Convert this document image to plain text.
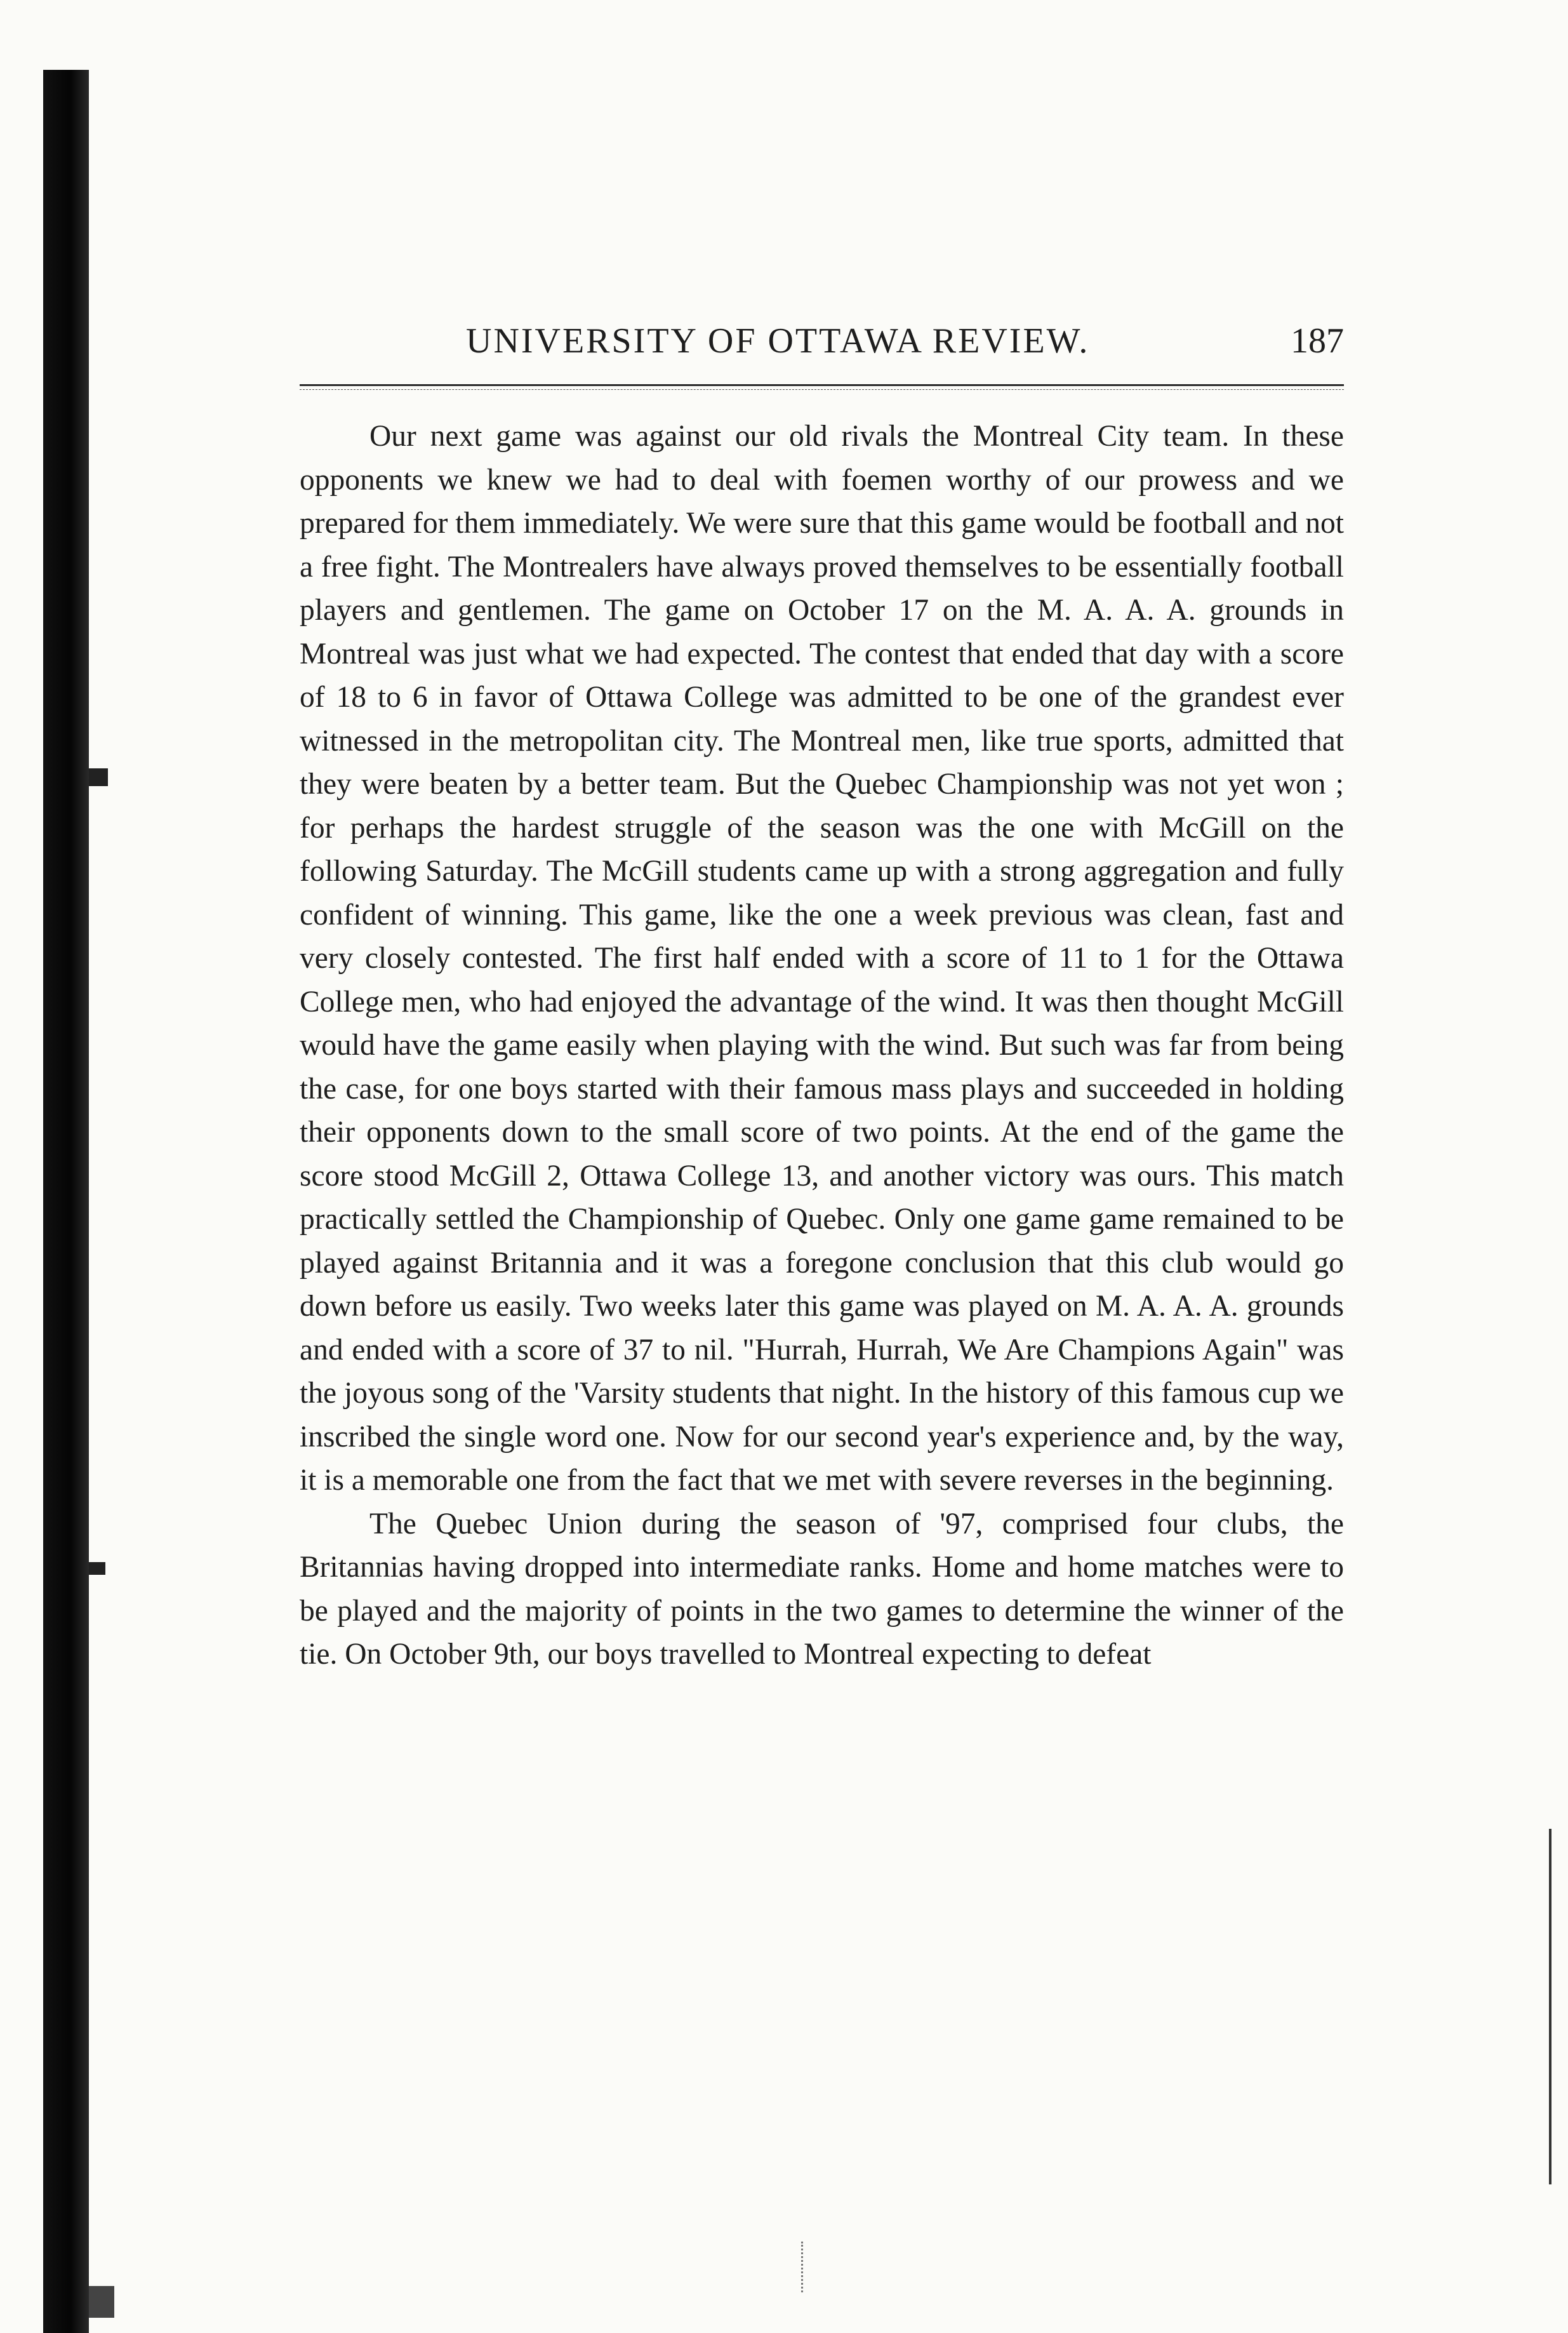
UNIVERSITY OF OTTAWA REVIEW.	187

Our next game was against our old rivals the Montreal City team. In these opponents we knew we had to deal with foemen worthy of our prowess and we prepared for them immediately. We were sure that this game would be football and not a free fight. The Montrealers have always proved themselves to be essentially football players and gentlemen. The game on October 17 on the M. A. A. A. grounds in Montreal was just what we had expected. The contest that ended that day with a score of 18 to 6 in favor of Ottawa College was admitted to be one of the grandest ever witnessed in the metropolitan city. The Montreal men, like true sports, admitted that they were beaten by a better team. But the Quebec Championship was not yet won ; for perhaps the hardest struggle of the season was the one with McGill on the following Saturday. The McGill students came up with a strong aggregation and fully confident of winning. This game, like the one a week previous was clean, fast and very closely contested. The first half ended with a score of 11 to 1 for the Ottawa College men, who had enjoyed the advantage of the wind. It was then thought McGill would have the game easily when playing with the wind. But such was far from being the case, for one boys started with their famous mass plays and succeeded in holding their opponents down to the small score of two points. At the end of the game the score stood McGill 2, Ottawa College 13, and another victory was ours. This match practically settled the Championship of Quebec. Only one game game remained to be played against Britannia and it was a foregone conclusion that this club would go down before us easily. Two weeks later this game was played on M. A. A. A. grounds and ended with a score of 37 to nil. "Hurrah, Hurrah, We Are Champions Again" was the joyous song of the 'Varsity students that night. In the history of this famous cup we inscribed the single word one. Now for our second year's experience and, by the way, it is a memorable one from the fact that we met with severe reverses in the beginning.

The Quebec Union during the season of '97, comprised four clubs, the Britannias having dropped into intermediate ranks. Home and home matches were to be played and the majority of points in the two games to determine the winner of the tie. On October 9th, our boys travelled to Montreal expecting to defeat
